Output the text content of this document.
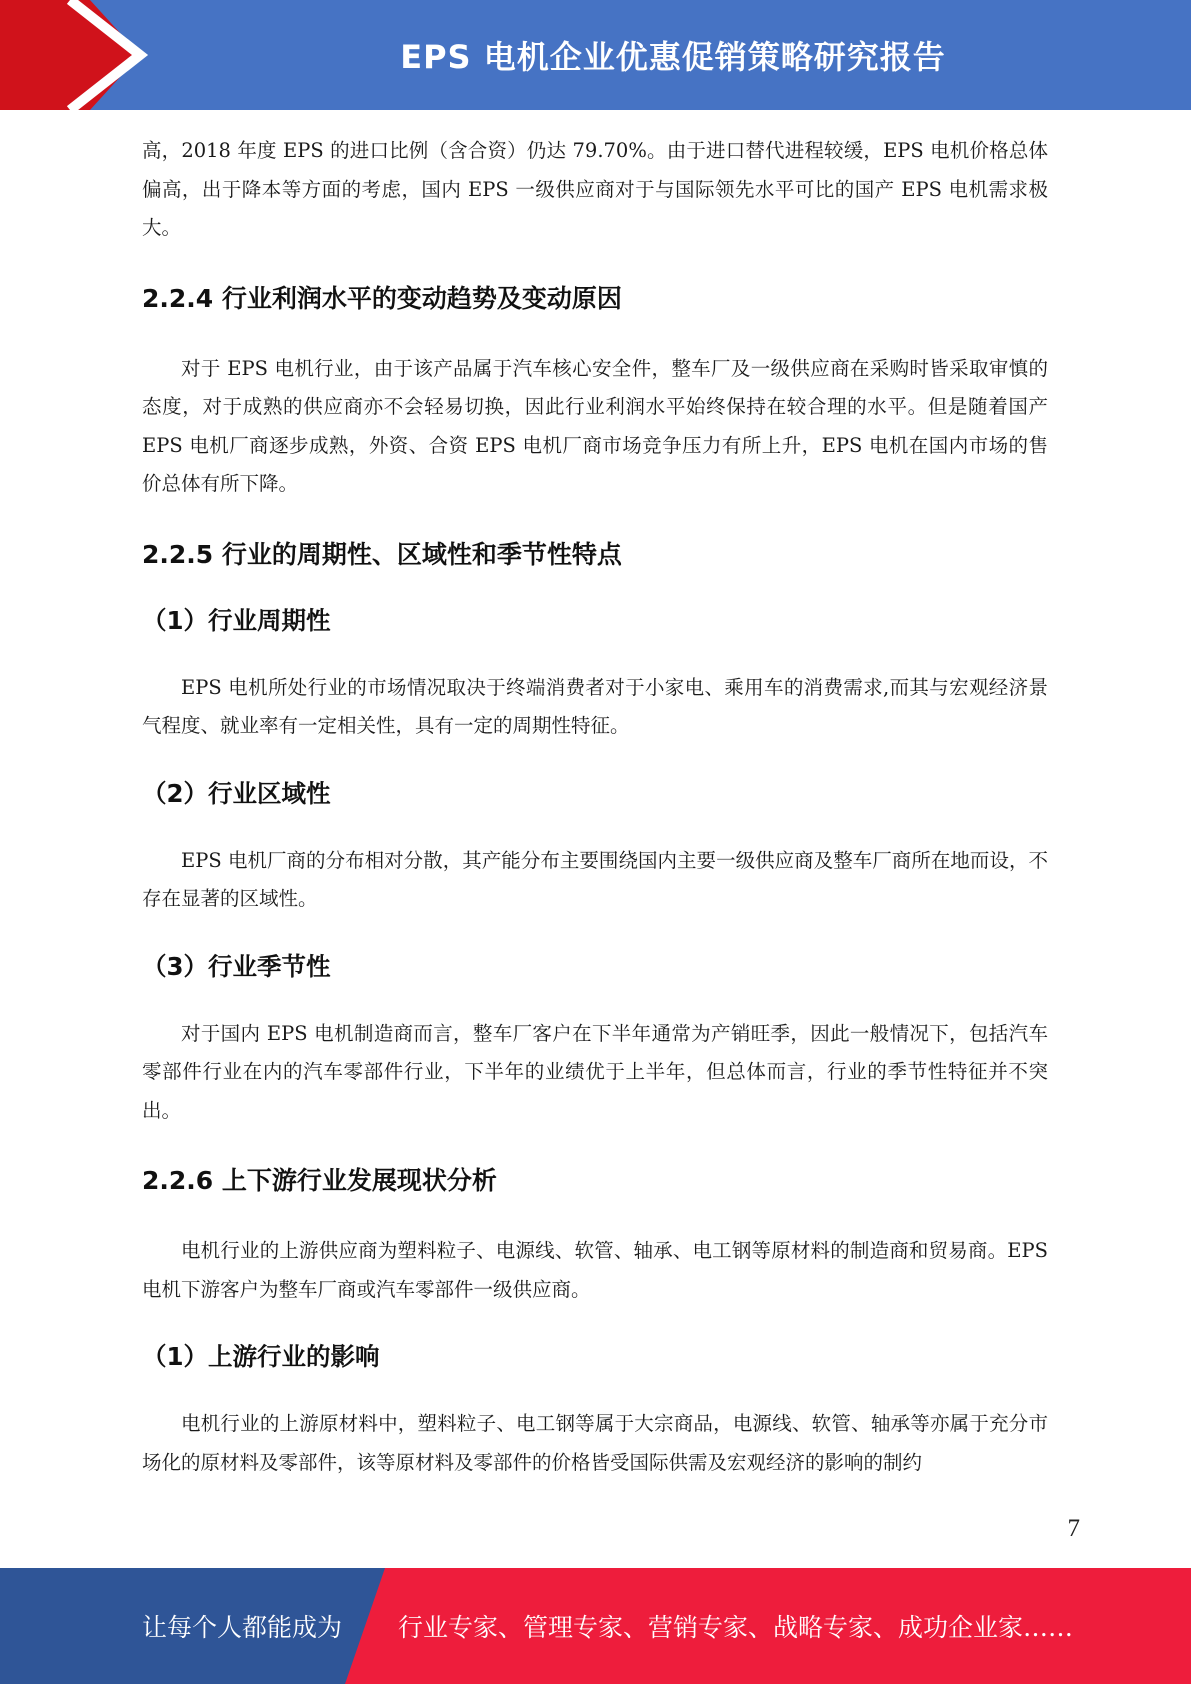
EPS 电机企业优惠促销策略研究报告

高，2018 年度 EPS 的进口比例（含合资）仍达 79.70%。由于进口替代进程较缓，EPS 电机价格总体偏高，出于降本等方面的考虑，国内 EPS 一级供应商对于与国际领先水平可比的国产 EPS 电机需求极大。

2.2.4 行业利润水平的变动趋势及变动原因

对于 EPS 电机行业，由于该产品属于汽车核心安全件，整车厂及一级供应商在采购时皆采取审慎的态度，对于成熟的供应商亦不会轻易切换，因此行业利润水平始终保持在较合理的水平。但是随着国产 EPS 电机厂商逐步成熟，外资、合资 EPS 电机厂商市场竞争压力有所上升，EPS 电机在国内市场的售价总体有所下降。

2.2.5 行业的周期性、区域性和季节性特点
（1）行业周期性

EPS 电机所处行业的市场情况取决于终端消费者对于小家电、乘用车的消费需求,而其与宏观经济景气程度、就业率有一定相关性，具有一定的周期性特征。

（2）行业区域性

EPS 电机厂商的分布相对分散，其产能分布主要围绕国内主要一级供应商及整车厂商所在地而设，不存在显著的区域性。

（3）行业季节性

对于国内 EPS 电机制造商而言，整车厂客户在下半年通常为产销旺季，因此一般情况下，包括汽车零部件行业在内的汽车零部件行业，下半年的业绩优于上半年，但总体而言，行业的季节性特征并不突出。

2.2.6 上下游行业发展现状分析

电机行业的上游供应商为塑料粒子、电源线、软管、轴承、电工钢等原材料的制造商和贸易商。EPS 电机下游客户为整车厂商或汽车零部件一级供应商。

（1）上游行业的影响

电机行业的上游原材料中，塑料粒子、电工钢等属于大宗商品，电源线、软管、轴承等亦属于充分市场化的原材料及零部件，该等原材料及零部件的价格皆受国际供需及宏观经济的影响的制约

7
让每个人都能成为 行业专家、管理专家、营销专家、战略专家、成功企业家……
